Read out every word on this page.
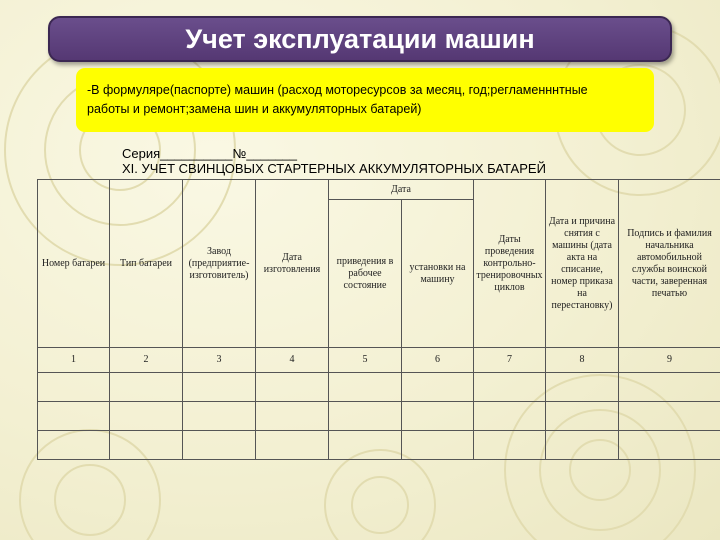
Учет эксплуатации машин
-В формуляре(паспорте) машин (расход моторесурсов за месяц, год;регламенннтные
работы и ремонт;замена шин и аккумуляторных батарей)
Серия__________№_______
XI. УЧЕТ СВИНЦОВЫХ СТАРТЕРНЫХ АККУМУЛЯТОРНЫХ БАТАРЕЙ
Номер батареи	Тип батареи	Завод (предприятие-изготовитель)	Дата изготовления	Дата		Даты проведения контрольно-тренировочных циклов	Дата и причина снятия с машины (дата акта на списание, номер приказа на перестановку)	Подпись и фамилия начальника автомобильной службы воинской части, заверенная печатью
				приведения в рабочее состояние	установки на машину			
1	2	3	4	5	6	7	8	9
